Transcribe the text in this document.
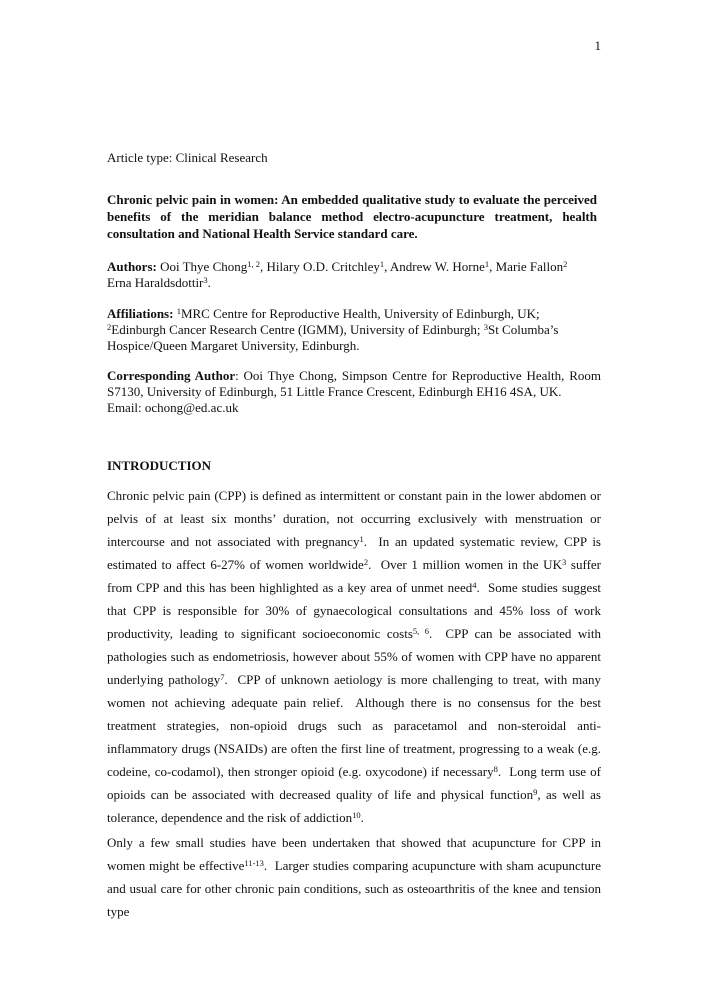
1
Article type: Clinical Research
Chronic pelvic pain in women: An embedded qualitative study to evaluate the perceived benefits of the meridian balance method electro-acupuncture treatment, health consultation and National Health Service standard care.
Authors: Ooi Thye Chong$^{1, 2}$, Hilary O.D. Critchley$^1$, Andrew W. Horne$^1$, Marie Fallon$^2$
Erna Haraldsdottir$^3$.
Affiliations: $^1$MRC Centre for Reproductive Health, University of Edinburgh, UK; $^2$Edinburgh Cancer Research Centre (IGMM), University of Edinburgh; $^3$St Columba’s Hospice/Queen Margaret University, Edinburgh.
Corresponding Author: Ooi Thye Chong, Simpson Centre for Reproductive Health, Room S7130, University of Edinburgh, 51 Little France Crescent, Edinburgh EH16 4SA, UK.
Email: ochong@ed.ac.uk
INTRODUCTION
Chronic pelvic pain (CPP) is defined as intermittent or constant pain in the lower abdomen or pelvis of at least six months’ duration, not occurring exclusively with menstruation or intercourse and not associated with pregnancy$^1$.  In an updated systematic review, CPP is estimated to affect 6-27% of women worldwide$^2$.  Over 1 million women in the $UK^3$ suffer from CPP and this has been highlighted as a key area of unmet need$^4$.  Some studies suggest that CPP is responsible for 30% of gynaecological consultations and 45% loss of work productivity, leading to significant socioeconomic costs$^{5, 6}$.  CPP can be associated with pathologies such as endometriosis, however about 55% of women with CPP have no apparent underlying pathology$^7$.  CPP of unknown aetiology is more challenging to treat, with many women not achieving adequate pain relief.  Although there is no consensus for the best treatment strategies, non-opioid drugs such as paracetamol and non-steroidal anti-inflammatory drugs (NSAIDs) are often the first line of treatment, progressing to a weak (e.g. codeine, co-codamol), then stronger opioid (e.g. oxycodone) if necessary$^8$.  Long term use of opioids can be associated with decreased quality of life and physical function$^9$, as well as tolerance, dependence and the risk of addiction$^{10}$.
Only a few small studies have been undertaken that showed that acupuncture for CPP in women might be effective$^{11-13}$.  Larger studies comparing acupuncture with sham acupuncture and usual care for other chronic pain conditions, such as osteoarthritis of the knee and tension type
